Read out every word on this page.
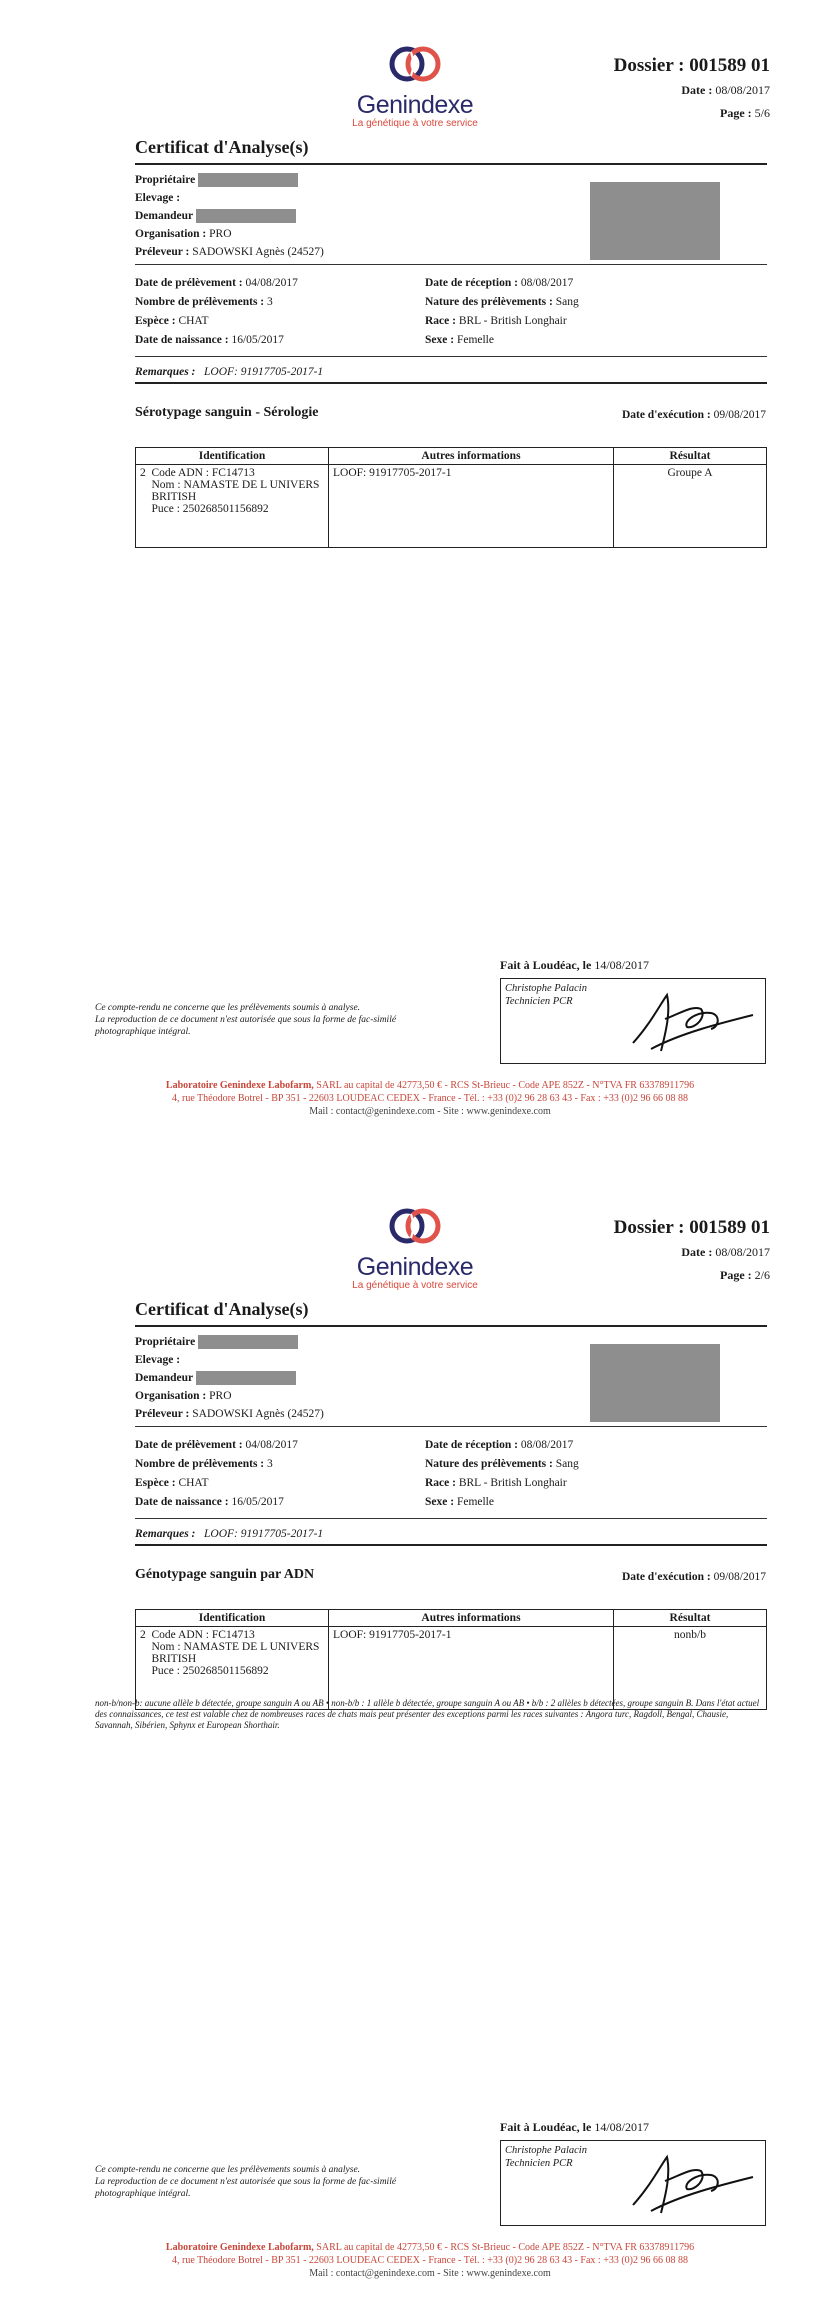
Genindexe
La génétique à votre service
Dossier : 001589 01
Date : 08/08/2017
Page : 5/6
Certificat d'Analyse(s)
Propriétaire
Elevage :
Demandeur
Organisation : PRO
Préleveur : SADOWSKI Agnès (24527)
Date de prélèvement : 04/08/2017
Nombre de prélèvements : 3
Espèce : CHAT
Date de naissance : 16/05/2017
Date de réception : 08/08/2017
Nature des prélèvements : Sang
Race : BRL - British Longhair
Sexe : Femelle
Remarques : LOOF: 91917705-2017-1
Sérotypage sanguin - Sérologie	Date d'exécution : 09/08/2017
Identification	Autres informations	Résultat
2 Code ADN : FC14713
Nom : NAMASTE DE L UNIVERS
BRITISH
Puce : 250268501156892	LOOF: 91917705-2017-1	Groupe A
Fait à Loudéac, le 14/08/2017
Christophe Palacin
Technicien PCR
Ce compte-rendu ne concerne que les prélèvements soumis à analyse.
La reproduction de ce document n'est autorisée que sous la forme de fac-similé
photographique intégral.
Laboratoire Genindexe Labofarm, SARL au capital de 42773,50 € - RCS St-Brieuc - Code APE 852Z - N°TVA FR 63378911796
4, rue Théodore Botrel - BP 351 - 22603 LOUDEAC CEDEX - France - Tél. : +33 (0)2 96 28 63 43 - Fax : +33 (0)2 96 66 08 88
Mail : contact@genindexe.com - Site : www.genindexe.com
Genindexe
La génétique à votre service
Dossier : 001589 01
Date : 08/08/2017
Page : 2/6
Certificat d'Analyse(s)
Propriétaire
Elevage :
Demandeur
Organisation : PRO
Préleveur : SADOWSKI Agnès (24527)
Date de prélèvement : 04/08/2017
Nombre de prélèvements : 3
Espèce : CHAT
Date de naissance : 16/05/2017
Date de réception : 08/08/2017
Nature des prélèvements : Sang
Race : BRL - British Longhair
Sexe : Femelle
Remarques : LOOF: 91917705-2017-1
Génotypage sanguin par ADN	Date d'exécution : 09/08/2017
Identification	Autres informations	Résultat
2 Code ADN : FC14713
Nom : NAMASTE DE L UNIVERS
BRITISH
Puce : 250268501156892	LOOF: 91917705-2017-1	nonb/b
non-b/non-b: aucune allèle b détectée, groupe sanguin A ou AB • non-b/b : 1 allèle b détectée, groupe sanguin A ou AB • b/b : 2 allèles b détectées, groupe sanguin B. Dans l'état actuel des connaissances, ce test est valable chez de nombreuses races de chats mais peut présenter des exceptions parmi les races suivantes : Angora turc, Ragdoll, Bengal, Chausie, Savannah, Sibérien, Sphynx et European Shorthair.
Fait à Loudéac, le 14/08/2017
Christophe Palacin
Technicien PCR
Ce compte-rendu ne concerne que les prélèvements soumis à analyse.
La reproduction de ce document n'est autorisée que sous la forme de fac-similé
photographique intégral.
Laboratoire Genindexe Labofarm, SARL au capital de 42773,50 € - RCS St-Brieuc - Code APE 852Z - N°TVA FR 63378911796
4, rue Théodore Botrel - BP 351 - 22603 LOUDEAC CEDEX - France - Tél. : +33 (0)2 96 28 63 43 - Fax : +33 (0)2 96 66 08 88
Mail : contact@genindexe.com - Site : www.genindexe.com
